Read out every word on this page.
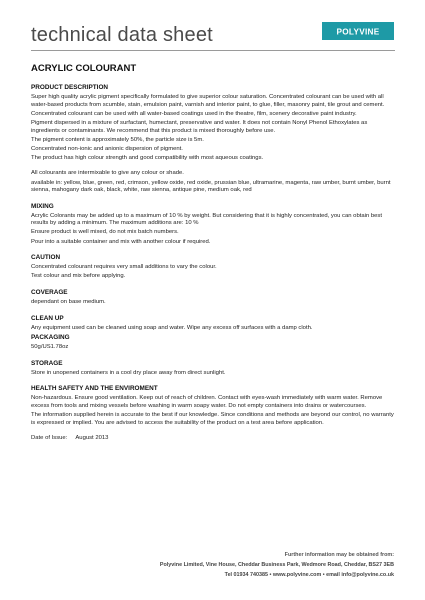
technical data sheet	POLYVINE
ACRYLIC COLOURANT
PRODUCT DESCRIPTION

Super high quality acrylic pigment specifically formulated to give superior colour saturation. Concentrated colourant can be used with all water-based products from scumble, stain, emulsion paint, varnish and interior paint, to glue, filler, masonry paint, tile grout and cement.

Concentrated colourant can be used with all water-based coatings used in the theatre, film, scenery decorative paint industry.

Pigment dispersed in a mixture of surfactant, humectant, preservative and water. It does not contain Nonyl Phenol Ethoxylates as ingredients or contaminants. We recommend that this product is mixed thoroughly before use.

The pigment content is approximately 50%, the particle size is 5m.

Concentrated non-ionic and anionic dispersion of pigment.

The product has high colour strength and good compatibility with most aqueous coatings.

All colourants are intermixable to give any colour or shade.

available in: yellow, blue, green, red, crimson, yellow oxide, red oxide, prussian blue, ultramarine, magenta, raw umber, burnt umber, burnt sienna, mahogany dark oak, black, white, raw sienna, antique pine, medium oak, red

MIXING

Acrylic Colorants may be added up to a maximum of 10 % by weight. But considering that it is highly concentrated, you can obtain best results by adding a minimum. The maximum additions are: 10 %

Ensure product is well mixed, do not mix batch numbers.

Pour into a suitable container and mix with another colour if required.

CAUTION

Concentrated colourant requires very small additions to vary the colour.

Test colour and mix before applying.

COVERAGE

dependant on base medium.

CLEAN UP

Any equipment used can be cleaned using soap and water. Wipe any excess off surfaces with a damp cloth.

PACKAGING

50g/US1.78oz

STORAGE

Store in unopened containers in a cool dry place away from direct sunlight.

HEALTH SAFETY AND THE ENVIROMENT

Non-hazardous. Ensure good ventilation. Keep out of reach of children. Contact with eyes-wash immediately with warm water. Remove excess from tools and mixing vessels before washing in warm soapy water. Do not empty containers into drains or watercourses.

The information supplied herein is accurate to the best if our knowledge. Since conditions and methods are beyond our control, no warranty is expressed or implied. You are advised to access the suitability of the product on a test area before application.

Date of Issue: August 2013
Further information may be obtained from:
Polyvine Limited, Vine House, Cheddar Business Park, Wedmore Road, Cheddar, BS27 3EB
Tel 01934 740385 • www.polyvine.com • email info@polyvine.co.uk
